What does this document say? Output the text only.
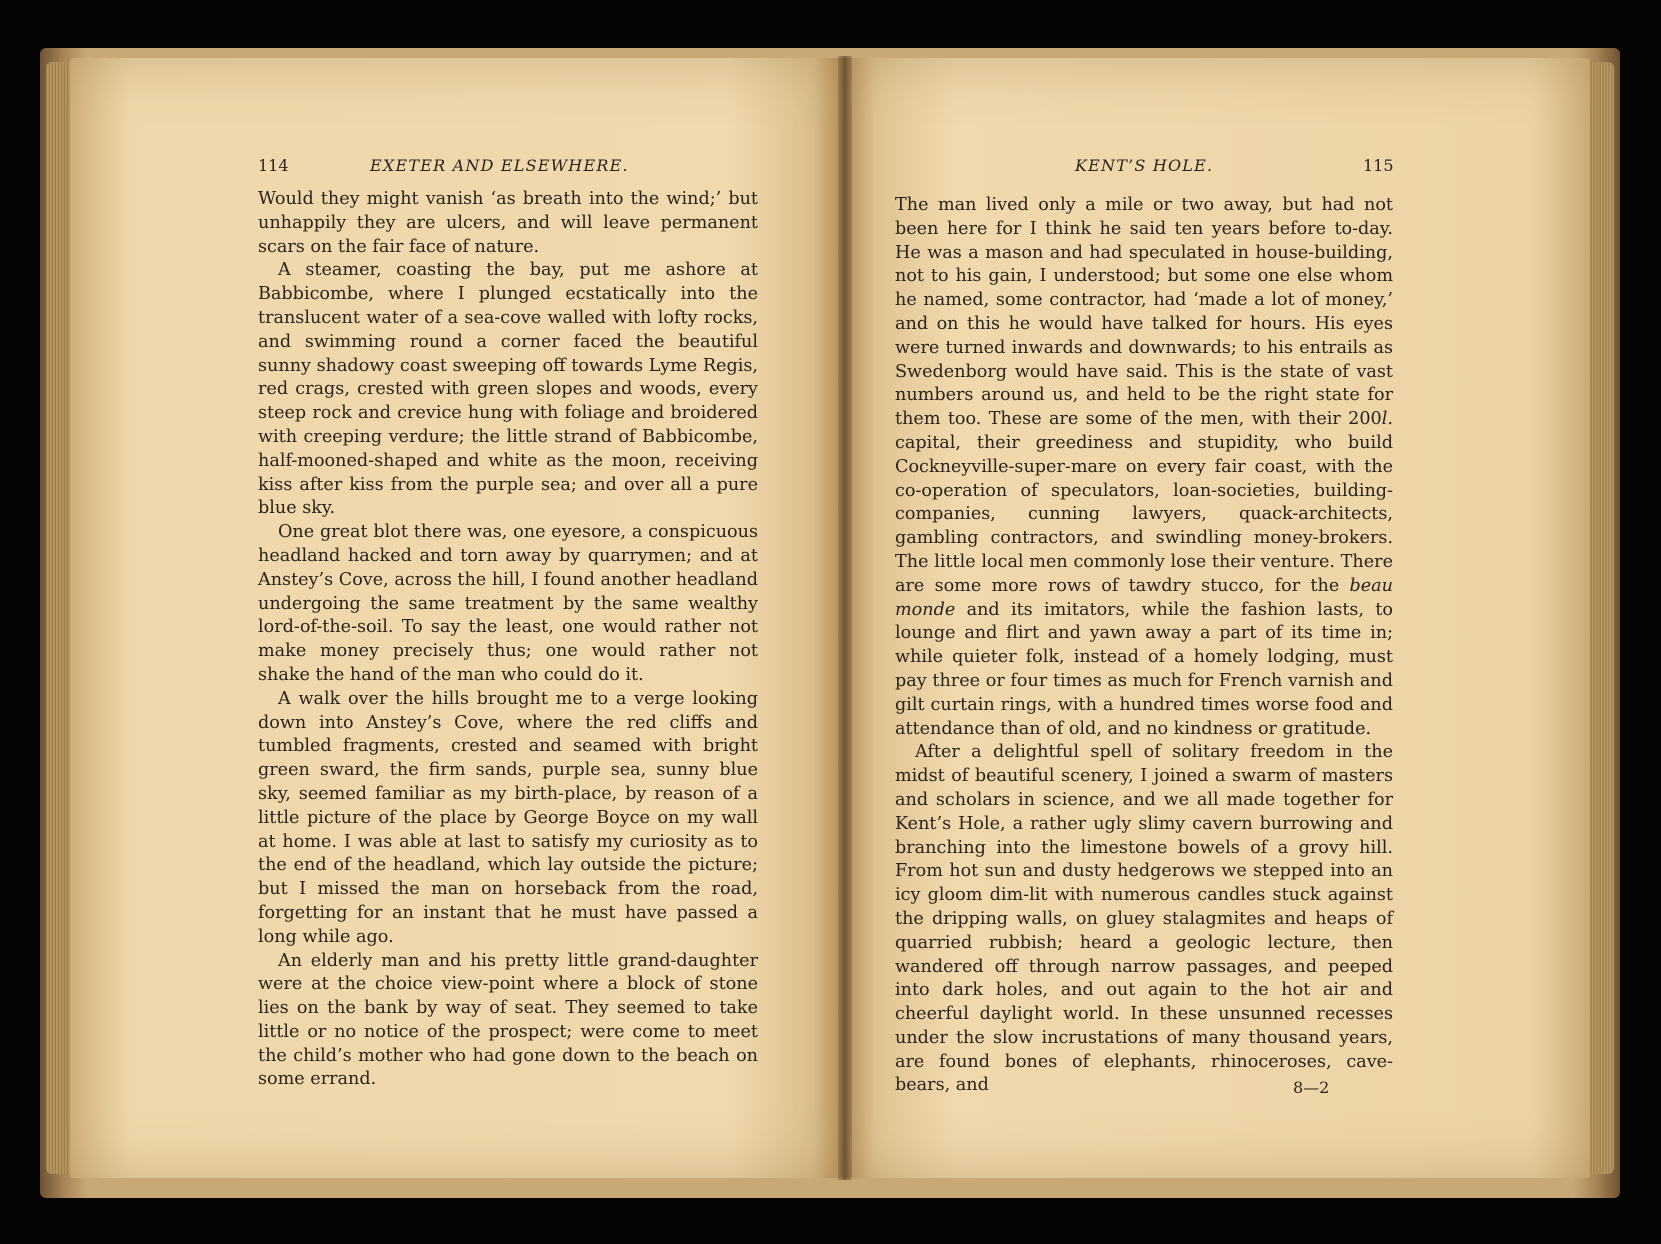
114	EXETER AND ELSEWHERE.

Would they might vanish ‘as breath into the wind;’ but unhappily they are ulcers, and will leave permanent scars on the fair face of nature.

A steamer, coasting the bay, put me ashore at Babbicombe, where I plunged ecstatically into the translucent water of a sea-cove walled with lofty rocks, and swimming round a corner faced the beautiful sunny shadowy coast sweeping off towards Lyme Regis, red crags, crested with green slopes and woods, every steep rock and crevice hung with foliage and broidered with creeping verdure; the little strand of Babbicombe, half-mooned-shaped and white as the moon, receiving kiss after kiss from the purple sea; and over all a pure blue sky.

One great blot there was, one eyesore, a conspicuous headland hacked and torn away by quarrymen; and at Anstey’s Cove, across the hill, I found another headland undergoing the same treatment by the same wealthy lord-of-the-soil. To say the least, one would rather not make money precisely thus; one would rather not shake the hand of the man who could do it.

A walk over the hills brought me to a verge looking down into Anstey’s Cove, where the red cliffs and tumbled fragments, crested and seamed with bright green sward, the firm sands, purple sea, sunny blue sky, seemed familiar as my birth-place, by reason of a little picture of the place by George Boyce on my wall at home. I was able at last to satisfy my curiosity as to the end of the headland, which lay outside the picture; but I missed the man on horseback from the road, forgetting for an instant that he must have passed a long while ago.

An elderly man and his pretty little grand-daughter were at the choice view-point where a block of stone lies on the bank by way of seat. They seemed to take little or no notice of the prospect; were come to meet the child’s mother who had gone down to the beach on some errand.

KENT’S HOLE.	115

The man lived only a mile or two away, but had not been here for I think he said ten years before to-day. He was a mason and had speculated in house-building, not to his gain, I understood; but some one else whom he named, some contractor, had ‘made a lot of money,’ and on this he would have talked for hours. His eyes were turned inwards and downwards; to his entrails as Swedenborg would have said. This is the state of vast numbers around us, and held to be the right state for them too. These are some of the men, with their 200l. capital, their greediness and stupidity, who build Cockneyville-super-mare on every fair coast, with the co-operation of speculators, loan-societies, building-companies, cunning lawyers, quack-architects, gambling contractors, and swindling money-brokers. The little local men commonly lose their venture. There are some more rows of tawdry stucco, for the beau monde and its imitators, while the fashion lasts, to lounge and flirt and yawn away a part of its time in; while quieter folk, instead of a homely lodging, must pay three or four times as much for French varnish and gilt curtain rings, with a hundred times worse food and attendance than of old, and no kindness or gratitude.

After a delightful spell of solitary freedom in the midst of beautiful scenery, I joined a swarm of masters and scholars in science, and we all made together for Kent’s Hole, a rather ugly slimy cavern burrowing and branching into the limestone bowels of a grovy hill. From hot sun and dusty hedgerows we stepped into an icy gloom dim-lit with numerous candles stuck against the dripping walls, on gluey stalagmites and heaps of quarried rubbish; heard a geologic lecture, then wandered off through narrow passages, and peeped into dark holes, and out again to the hot air and cheerful daylight world. In these unsunned recesses under the slow incrustations of many thousand years, are found bones of elephants, rhinoceroses, cave-bears, and	8—2
